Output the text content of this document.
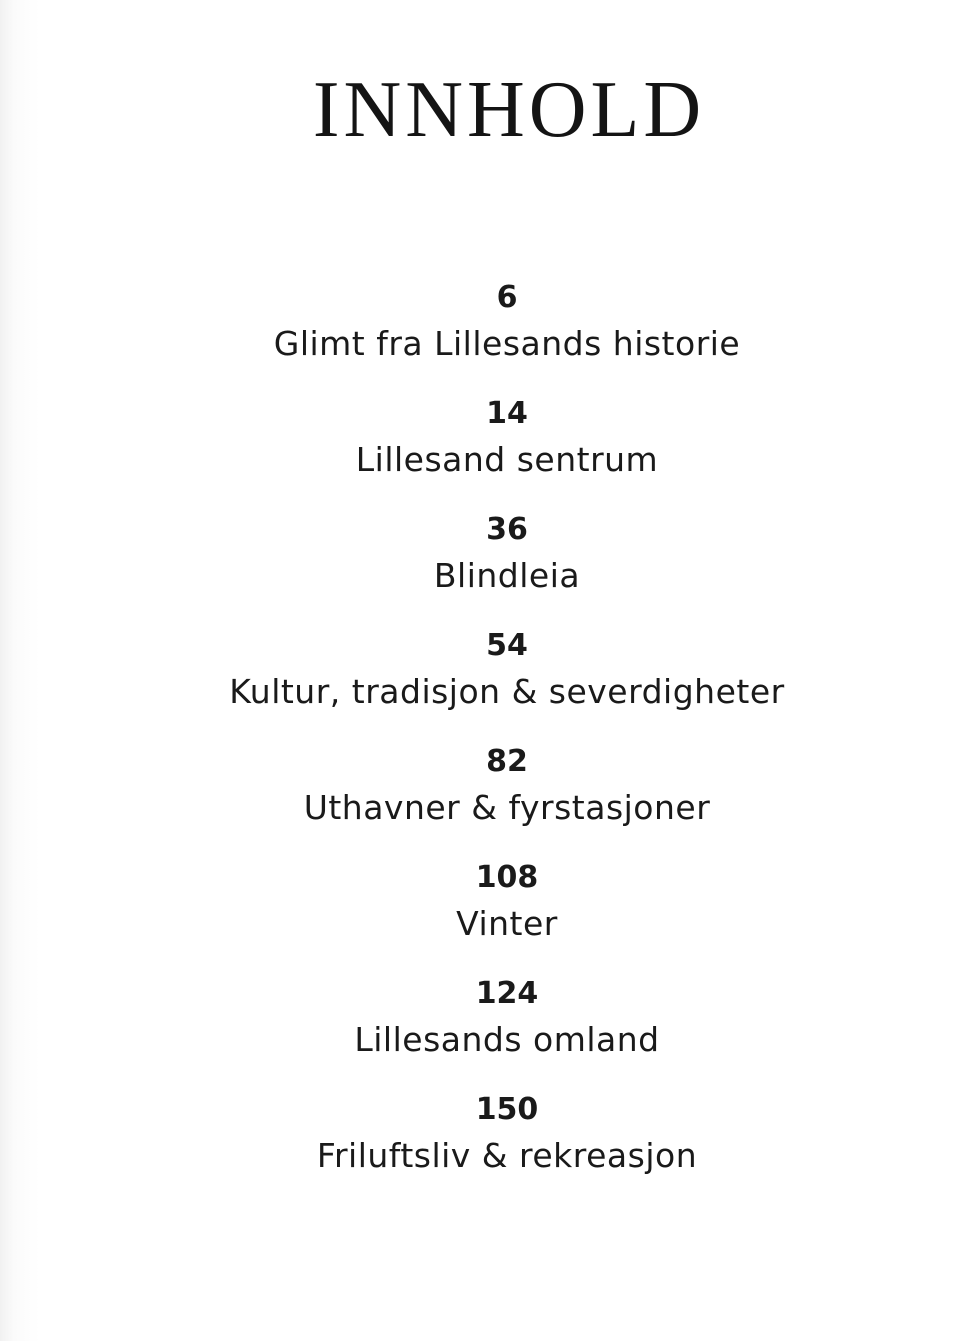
INNHOLD
6
Glimt fra Lillesands historie
14
Lillesand sentrum
36
Blindleia
54
Kultur, tradisjon & severdigheter
82
Uthavner & fyrstasjoner
108
Vinter
124
Lillesands omland
150
Friluftsliv & rekreasjon
